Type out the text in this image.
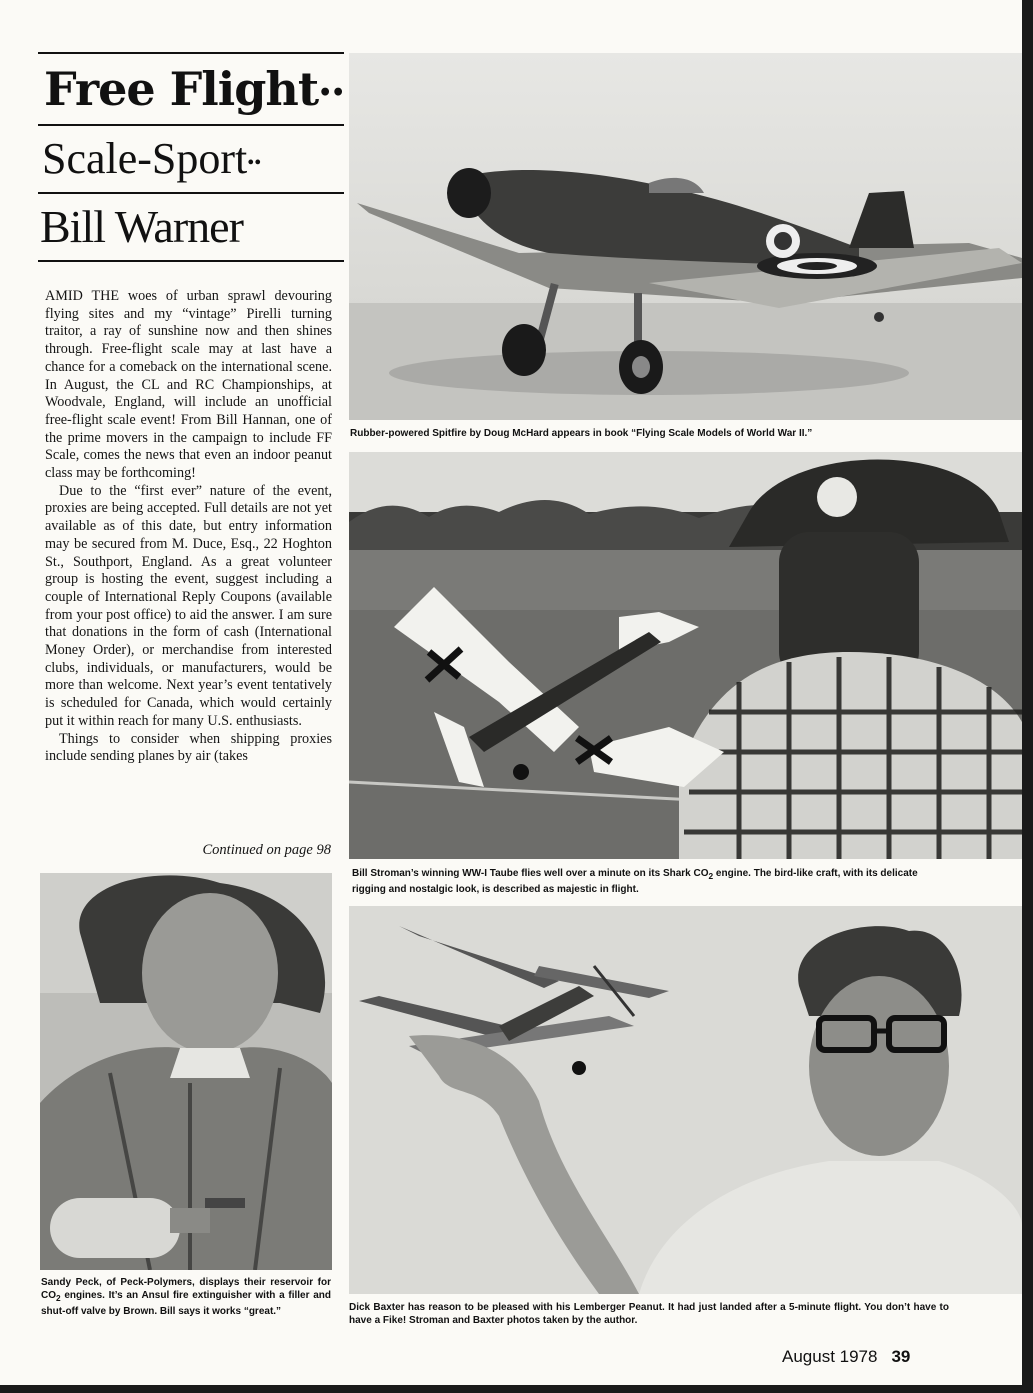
Free Flight••
Scale-Sport••
Bill Warner

AMID THE woes of urban sprawl devouring flying sites and my “vintage” Pirelli turning traitor, a ray of sunshine now and then shines through. Free-flight scale may at last have a chance for a comeback on the international scene. In August, the CL and RC Championships, at Woodvale, England, will include an unofficial free-flight scale event! From Bill Hannan, one of the prime movers in the campaign to include FF Scale, comes the news that even an indoor peanut class may be forthcoming!

Due to the “first ever” nature of the event, proxies are being accepted. Full details are not yet available as of this date, but entry information may be secured from M. Duce, Esq., 22 Hoghton St., Southport, England. As a great volunteer group is hosting the event, suggest including a couple of International Reply Coupons (available from your post office) to aid the answer. I am sure that donations in the form of cash (International Money Order), or merchandise from interested clubs, individuals, or manufacturers, would be more than welcome. Next year’s event tentatively is scheduled for Canada, which would certainly put it within reach for many U.S. enthusiasts.

Things to consider when shipping proxies include sending planes by air (takes

Continued on page 98
Rubber-powered Spitfire by Doug McHard appears in book “Flying Scale Models of World War II.”
Bill Stroman’s winning WW-I Taube flies well over a minute on its Shark $CO_2$ engine. The bird-like craft, with its delicate rigging and nostalgic look, is described as majestic in flight.
Sandy Peck, of Peck-Polymers, displays their reservoir for $CO_2$ engines. It’s an Ansul fire extinguisher with a filler and shut-off valve by Brown. Bill says it works “great.”	Dick Baxter has reason to be pleased with his Lemberger Peanut. It had just landed after a 5-minute flight. You don’t have to have a Fike! Stroman and Baxter photos taken by the author.
August 1978 39
